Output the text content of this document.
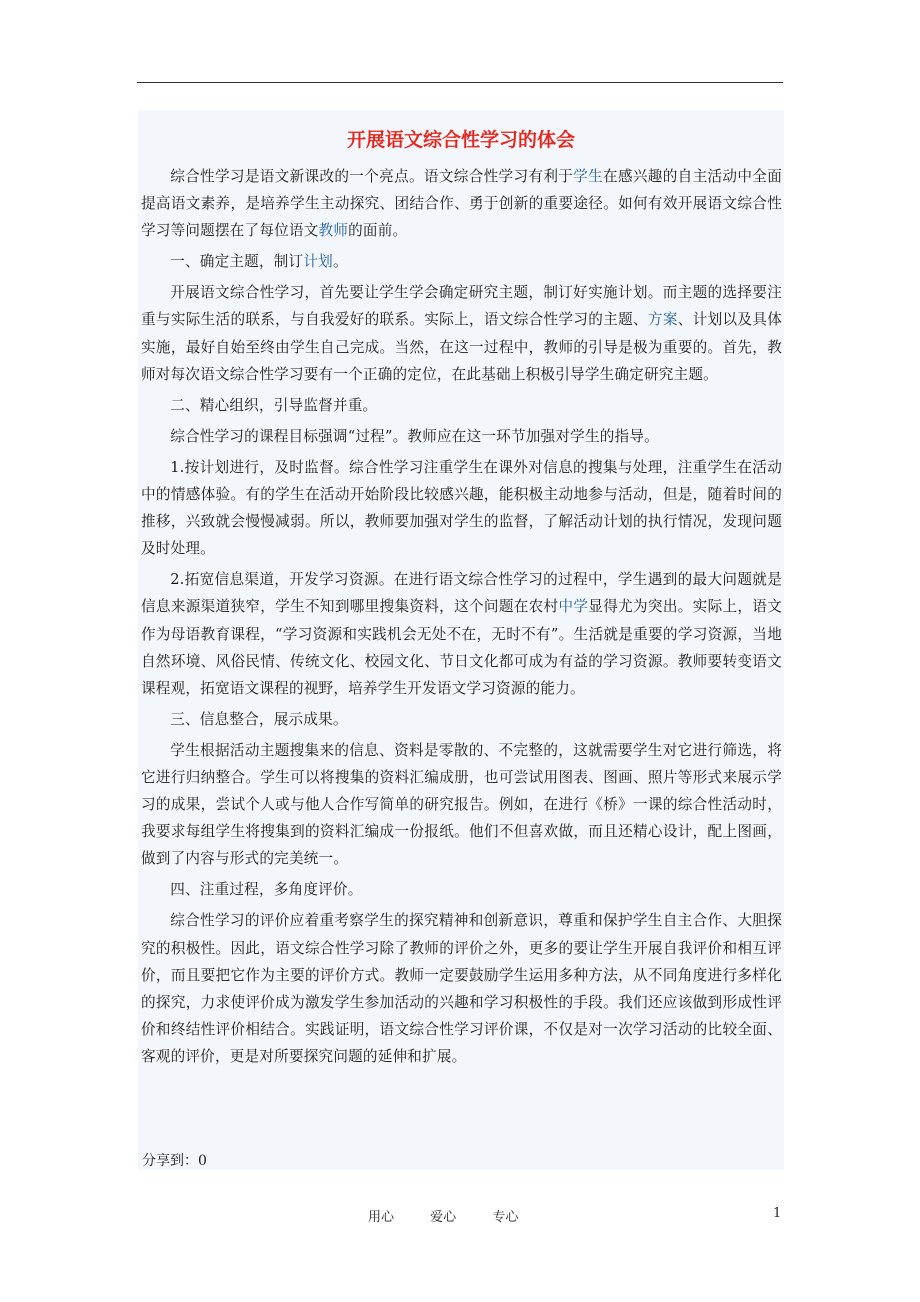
开展语文综合性学习的体会

综合性学习是语文新课改的一个亮点。语文综合性学习有利于学生在感兴趣的自主活动中全面提高语文素养，是培养学生主动探究、团结合作、勇于创新的重要途径。如何有效开展语文综合性学习等问题摆在了每位语文教师的面前。

一、确定主题，制订计划。

开展语文综合性学习，首先要让学生学会确定研究主题，制订好实施计划。而主题的选择要注重与实际生活的联系，与自我爱好的联系。实际上，语文综合性学习的主题、方案、计划以及具体实施，最好自始至终由学生自己完成。当然，在这一过程中，教师的引导是极为重要的。首先，教师对每次语文综合性学习要有一个正确的定位，在此基础上积极引导学生确定研究主题。

二、精心组织，引导监督并重。

综合性学习的课程目标强调“过程”。教师应在这一环节加强对学生的指导。

1.按计划进行，及时监督。综合性学习注重学生在课外对信息的搜集与处理，注重学生在活动中的情感体验。有的学生在活动开始阶段比较感兴趣，能积极主动地参与活动，但是，随着时间的推移，兴致就会慢慢减弱。所以，教师要加强对学生的监督，了解活动计划的执行情况，发现问题及时处理。

2.拓宽信息渠道，开发学习资源。在进行语文综合性学习的过程中，学生遇到的最大问题就是信息来源渠道狭窄，学生不知到哪里搜集资料，这个问题在农村中学显得尤为突出。实际上，语文作为母语教育课程，“学习资源和实践机会无处不在，无时不有”。生活就是重要的学习资源，当地自然环境、风俗民情、传统文化、校园文化、节日文化都可成为有益的学习资源。教师要转变语文课程观，拓宽语文课程的视野，培养学生开发语文学习资源的能力。

三、信息整合，展示成果。

学生根据活动主题搜集来的信息、资料是零散的、不完整的，这就需要学生对它进行筛选，将它进行归纳整合。学生可以将搜集的资料汇编成册，也可尝试用图表、图画、照片等形式来展示学习的成果，尝试个人或与他人合作写简单的研究报告。例如，在进行《桥》一课的综合性活动时，我要求每组学生将搜集到的资料汇编成一份报纸。他们不但喜欢做，而且还精心设计，配上图画，做到了内容与形式的完美统一。

四、注重过程，多角度评价。

综合性学习的评价应着重考察学生的探究精神和创新意识，尊重和保护学生自主合作、大胆探究的积极性。因此，语文综合性学习除了教师的评价之外，更多的要让学生开展自我评价和相互评价，而且要把它作为主要的评价方式。教师一定要鼓励学生运用多种方法，从不同角度进行多样化的探究，力求使评价成为激发学生参加活动的兴趣和学习积极性的手段。我们还应该做到形成性评价和终结性评价相结合。实践证明，语文综合性学习评价课，不仅是对一次学习活动的比较全面、客观的评价，更是对所要探究问题的延伸和扩展。

分享到：0
用心	爱心	专心	1
